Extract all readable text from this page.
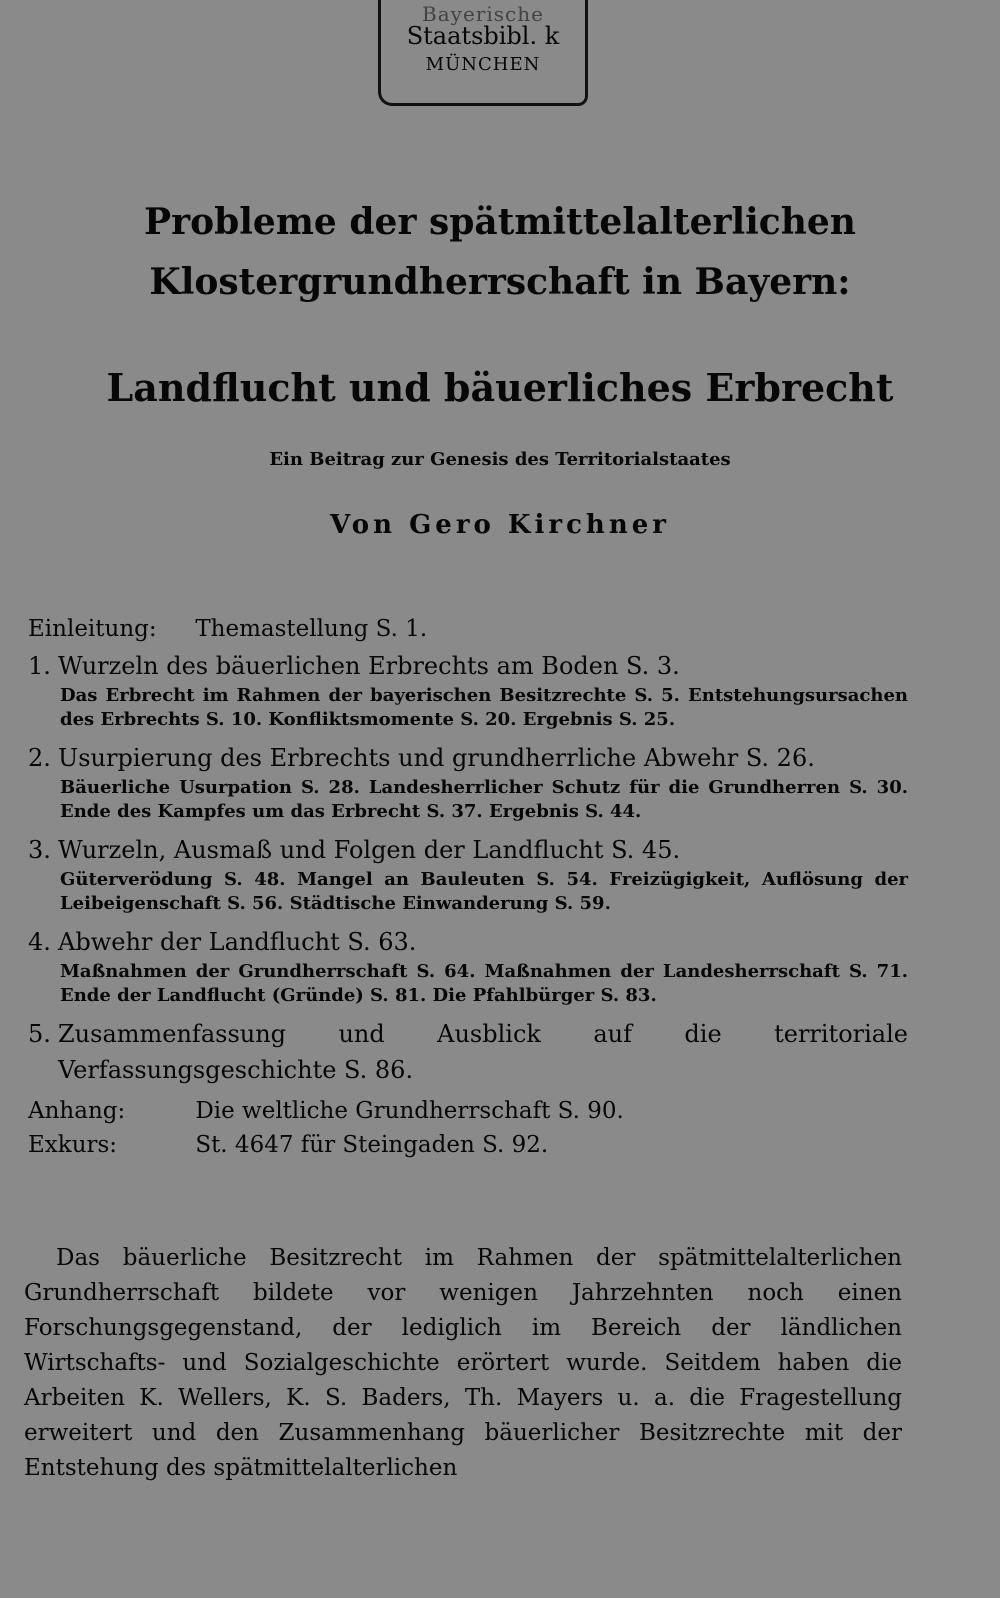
Bayerische
Staatsbibl. k
MÜNCHEN
Probleme der spätmittelalterlichen
Klostergrundherrschaft in Bayern:
Landflucht und bäuerliches Erbrecht
Ein Beitrag zur Genesis des Territorialstaates
Von Gero Kirchner
Einleitung: Themastellung S. 1.
1. Wurzeln des bäuerlichen Erbrechts am Boden S. 3.
Das Erbrecht im Rahmen der bayerischen Besitzrechte S. 5. Entstehungsursachen des Erbrechts S. 10. Konfliktsmomente S. 20. Ergebnis S. 25.
2. Usurpierung des Erbrechts und grundherrliche Abwehr S. 26.
Bäuerliche Usurpation S. 28. Landesherrlicher Schutz für die Grundherren S. 30. Ende des Kampfes um das Erbrecht S. 37. Ergebnis S. 44.
3. Wurzeln, Ausmaß und Folgen der Landflucht S. 45.
Güterverödung S. 48. Mangel an Bauleuten S. 54. Freizügigkeit, Auflösung der Leibeigenschaft S. 56. Städtische Einwanderung S. 59.
4. Abwehr der Landflucht S. 63.
Maßnahmen der Grundherrschaft S. 64. Maßnahmen der Landesherrschaft S. 71. Ende der Landflucht (Gründe) S. 81. Die Pfahlbürger S. 83.
5. Zusammenfassung und Ausblick auf die territoriale Verfassungsgeschichte S. 86.
Anhang:	Die weltliche Grundherrschaft S. 90.
Exkurs:	St. 4647 für Steingaden S. 92.

Das bäuerliche Besitzrecht im Rahmen der spätmittelalterlichen Grundherrschaft bildete vor wenigen Jahrzehnten noch einen Forschungsgegenstand, der lediglich im Bereich der ländlichen Wirtschafts- und Sozialgeschichte erörtert wurde. Seitdem haben die Arbeiten K. Wellers, K. S. Baders, Th. Mayers u. a. die Fragestellung erweitert und den Zusammenhang bäuerlicher Besitzrechte mit der Entstehung des spätmittelalterlichen
